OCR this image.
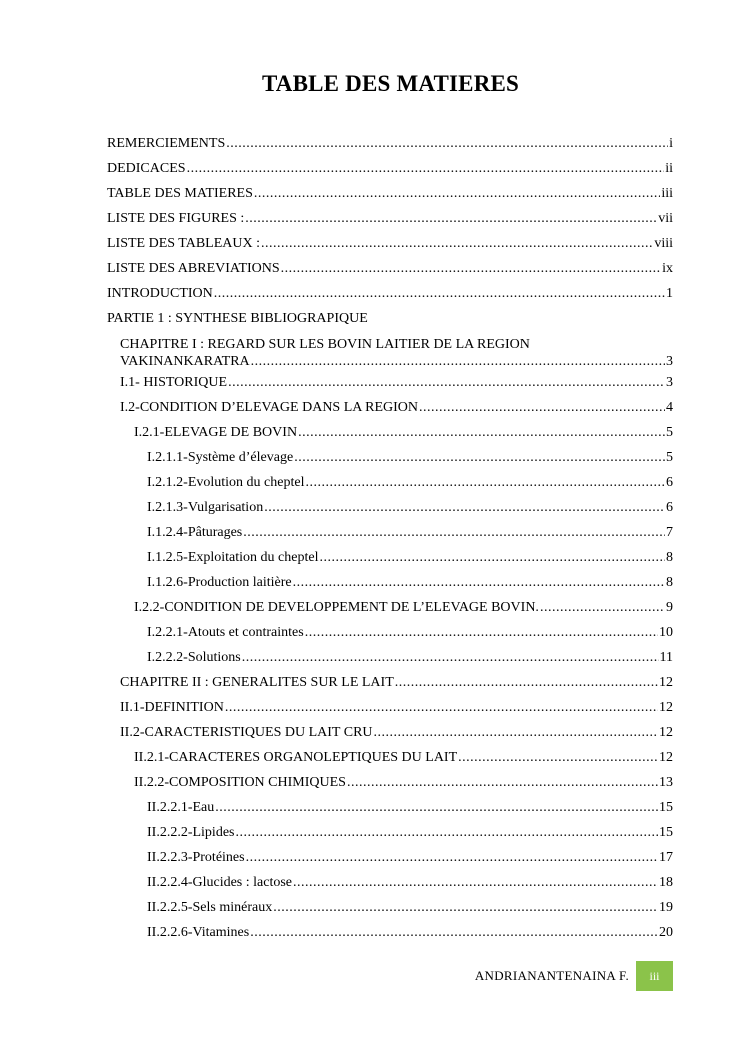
TABLE DES MATIERES
REMERCIEMENTS .....	i
DEDICACES .....	ii
TABLE DES MATIERES .....	iii
LISTE DES FIGURES : .....	vii
LISTE DES TABLEAUX : .....	viii
LISTE DES ABREVIATIONS .....	ix
INTRODUCTION .....	1
PARTIE 1 : SYNTHESE BIBLIOGRAPIQUE
CHAPITRE I : REGARD SUR LES BOVIN LAITIER DE LA REGION
VAKINANKARATRA .....	3
I.1- HISTORIQUE .....	3
I.2-CONDITION D’ELEVAGE DANS LA REGION .....	4
I.2.1-ELEVAGE DE BOVIN .....	5
I.2.1.1-Système d’élevage .....	5
I.2.1.2-Evolution du cheptel .....	6
I.2.1.3-Vulgarisation .....	6
I.1.2.4-Pâturages .....	7
I.1.2.5-Exploitation du cheptel .....	8
I.1.2.6-Production laitière .....	8
I.2.2-CONDITION DE DEVELOPPEMENT DE L’ELEVAGE BOVIN. .....	9
I.2.2.1-Atouts et contraintes .....	10
I.2.2.2-Solutions .....	11
CHAPITRE II : GENERALITES SUR LE LAIT .....	12
II.1-DEFINITION .....	12
II.2-CARACTERISTIQUES DU LAIT CRU .....	12
II.2.1-CARACTERES ORGANOLEPTIQUES DU LAIT .....	12
II.2.2-COMPOSITION CHIMIQUES .....	13
II.2.2.1-Eau .....	15
II.2.2.2-Lipides .....	15
II.2.2.3-Protéines .....	17
II.2.2.4-Glucides : lactose .....	18
II.2.2.5-Sels minéraux .....	19
II.2.2.6-Vitamines .....	20
ANDRIANANTENAINA F.	iii
